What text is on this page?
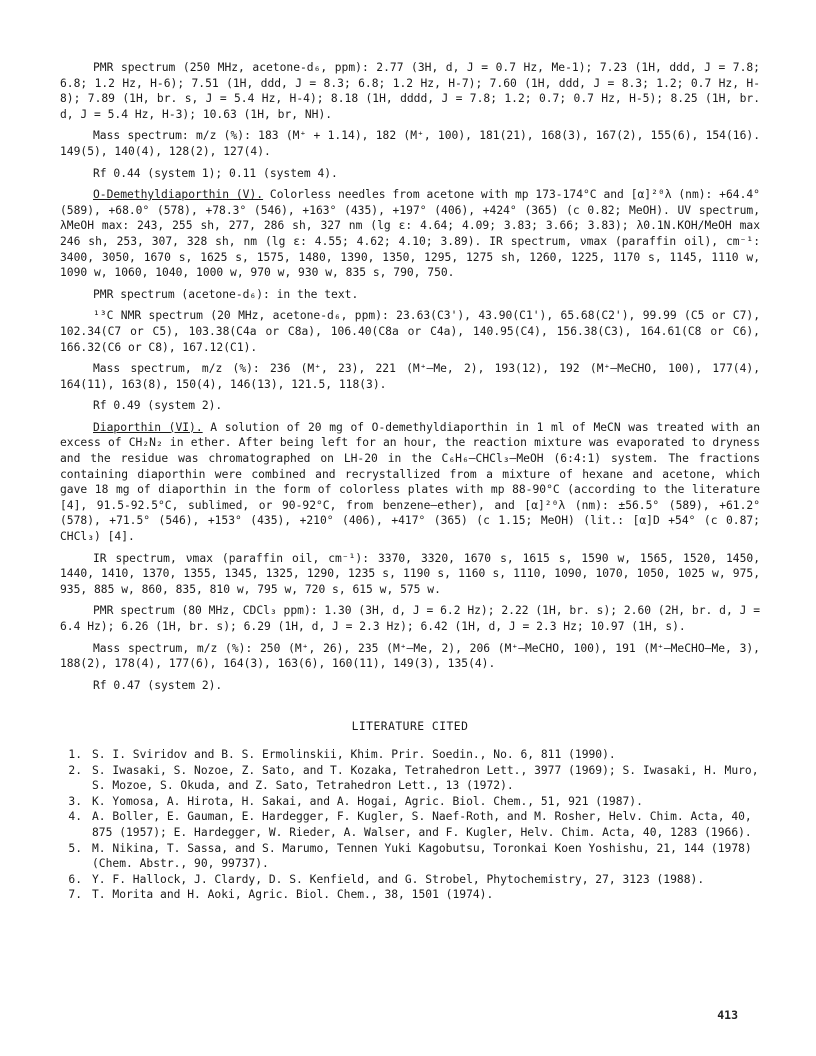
PMR spectrum (250 MHz, acetone-d₆, ppm): 2.77 (3H, d, J = 0.7 Hz, Me-1); 7.23 (1H, ddd, J = 7.8; 6.8; 1.2 Hz, H-6); 7.51 (1H, ddd, J = 8.3; 6.8; 1.2 Hz, H-7); 7.60 (1H, ddd, J = 8.3; 1.2; 0.7 Hz, H-8); 7.89 (1H, br. s, J = 5.4 Hz, H-4); 8.18 (1H, dddd, J = 7.8; 1.2; 0.7; 0.7 Hz, H-5); 8.25 (1H, br. d, J = 5.4 Hz, H-3); 10.63 (1H, br, NH).

Mass spectrum: m/z (%): 183 (M⁺ + 1.14), 182 (M⁺, 100), 181(21), 168(3), 167(2), 155(6), 154(16). 149(5), 140(4), 128(2), 127(4).

Rf 0.44 (system 1); 0.11 (system 4).

O-Demethyldiaporthin (V). Colorless needles from acetone with mp 173-174°C and [α]²⁰λ (nm): +64.4° (589), +68.0° (578), +78.3° (546), +163° (435), +197° (406), +424° (365) (c 0.82; MeOH). UV spectrum, λMeOH max: 243, 255 sh, 277, 286 sh, 327 nm (lg ε: 4.64; 4.09; 3.83; 3.66; 3.83); λ0.1N.KOH/MeOH max 246 sh, 253, 307, 328 sh, nm (lg ε: 4.55; 4.62; 4.10; 3.89). IR spectrum, νmax (paraffin oil), cm⁻¹: 3400, 3050, 1670 s, 1625 s, 1575, 1480, 1390, 1350, 1295, 1275 sh, 1260, 1225, 1170 s, 1145, 1110 w, 1090 w, 1060, 1040, 1000 w, 970 w, 930 w, 835 s, 790, 750.

PMR spectrum (acetone-d₆): in the text.

¹³C NMR spectrum (20 MHz, acetone-d₆, ppm): 23.63(C3'), 43.90(C1'), 65.68(C2'), 99.99 (C5 or C7), 102.34(C7 or C5), 103.38(C4a or C8a), 106.40(C8a or C4a), 140.95(C4), 156.38(C3), 164.61(C8 or C6), 166.32(C6 or C8), 167.12(C1).

Mass spectrum, m/z (%): 236 (M⁺, 23), 221 (M⁺–Me, 2), 193(12), 192 (M⁺–MeCHO, 100), 177(4), 164(11), 163(8), 150(4), 146(13), 121.5, 118(3).

Rf 0.49 (system 2).

Diaporthin (VI). A solution of 20 mg of O-demethyldiaporthin in 1 ml of MeCN was treated with an excess of CH₂N₂ in ether. After being left for an hour, the reaction mixture was evaporated to dryness and the residue was chromatographed on LH-20 in the C₆H₆–CHCl₃–MeOH (6:4:1) system. The fractions containing diaporthin were combined and recrystallized from a mixture of hexane and acetone, which gave 18 mg of diaporthin in the form of colorless plates with mp 88-90°C (according to the literature [4], 91.5-92.5°C, sublimed, or 90-92°C, from benzene–ether), and [α]²⁰λ (nm): ±56.5° (589), +61.2° (578), +71.5° (546), +153° (435), +210° (406), +417° (365) (c 1.15; MeOH) (lit.: [α]D +54° (c 0.87; CHCl₃) [4].

IR spectrum, νmax (paraffin oil, cm⁻¹): 3370, 3320, 1670 s, 1615 s, 1590 w, 1565, 1520, 1450, 1440, 1410, 1370, 1355, 1345, 1325, 1290, 1235 s, 1190 s, 1160 s, 1110, 1090, 1070, 1050, 1025 w, 975, 935, 885 w, 860, 835, 810 w, 795 w, 720 s, 615 w, 575 w.

PMR spectrum (80 MHz, CDCl₃ ppm): 1.30 (3H, d, J = 6.2 Hz); 2.22 (1H, br. s); 2.60 (2H, br. d, J = 6.4 Hz); 6.26 (1H, br. s); 6.29 (1H, d, J = 2.3 Hz); 6.42 (1H, d, J = 2.3 Hz; 10.97 (1H, s).

Mass spectrum, m/z (%): 250 (M⁺, 26), 235 (M⁺–Me, 2), 206 (M⁺–MeCHO, 100), 191 (M⁺–MeCHO–Me, 3), 188(2), 178(4), 177(6), 164(3), 163(6), 160(11), 149(3), 135(4).

Rf 0.47 (system 2).

LITERATURE CITED
1. S. I. Sviridov and B. S. Ermolinskii, Khim. Prir. Soedin., No. 6, 811 (1990).
2. S. Iwasaki, S. Nozoe, Z. Sato, and T. Kozaka, Tetrahedron Lett., 3977 (1969); S. Iwasaki, H. Muro, S. Mozoe, S. Okuda, and Z. Sato, Tetrahedron Lett., 13 (1972).
3. K. Yomosa, A. Hirota, H. Sakai, and A. Hogai, Agric. Biol. Chem., 51, 921 (1987).
4. A. Boller, E. Gauman, E. Hardegger, F. Kugler, S. Naef-Roth, and M. Rosher, Helv. Chim. Acta, 40, 875 (1957); E. Hardegger, W. Rieder, A. Walser, and F. Kugler, Helv. Chim. Acta, 40, 1283 (1966).
5. M. Nikina, T. Sassa, and S. Marumo, Tennen Yuki Kagobutsu, Toronkai Koen Yoshishu, 21, 144 (1978) (Chem. Abstr., 90, 99737).
6. Y. F. Hallock, J. Clardy, D. S. Kenfield, and G. Strobel, Phytochemistry, 27, 3123 (1988).
7. T. Morita and H. Aoki, Agric. Biol. Chem., 38, 1501 (1974).
413
